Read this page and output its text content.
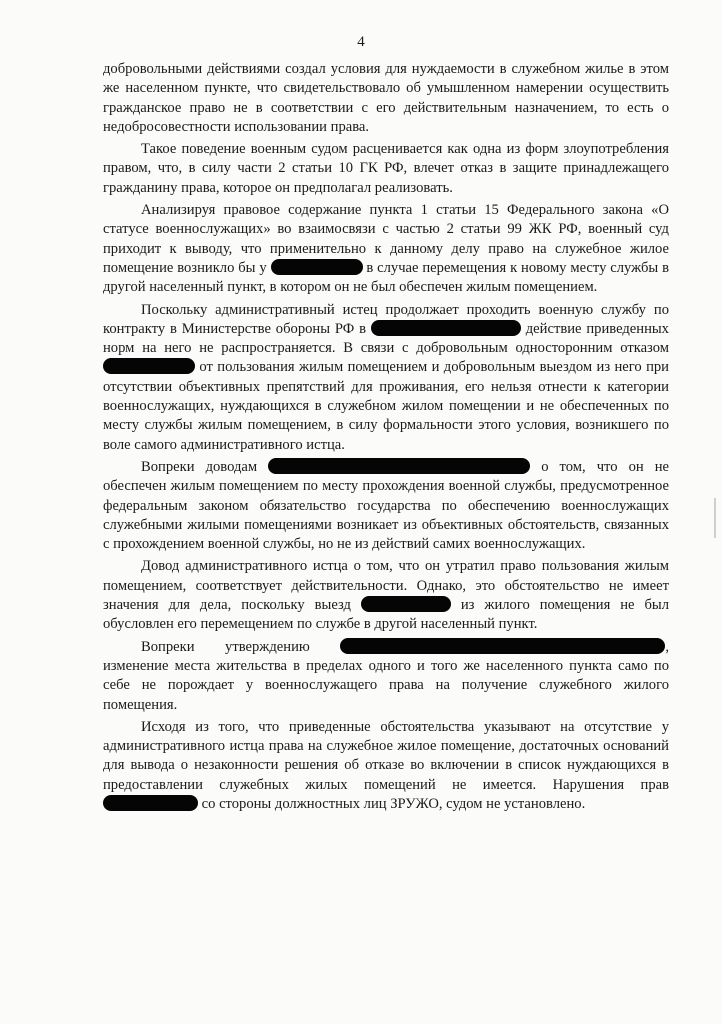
4

добровольными действиями создал условия для нуждаемости в служебном жилье в этом же населенном пункте, что свидетельствовало об умышленном намерении осуществить гражданское право не в соответствии с его действительным назначением, то есть о недобросовестности использовании права.

Такое поведение военным судом расценивается как одна из форм злоупотребления правом, что, в силу части 2 статьи 10 ГК РФ, влечет отказ в защите принадлежащего гражданину права, которое он предполагал реализовать.

Анализируя правовое содержание пункта 1 статьи 15 Федерального закона «О статусе военнослужащих» во взаимосвязи с частью 2 статьи 99 ЖК РФ, военный суд приходит к выводу, что применительно к данному делу право на служебное жилое помещение возникло бы у	в случае перемещения к новому месту службы в другой населенный пункт, в котором он не был обеспечен жилым помещением.

Поскольку административный истец продолжает проходить военную службу по контракту в Министерстве обороны РФ в	действие приведенных норм на него не распространяется. В связи с добровольным односторонним отказом  от пользования жилым помещением и добровольным выездом из него при отсутствии объективных препятствий для проживания, его нельзя отнести к категории военнослужащих, нуждающихся в служебном жилом помещении и не обеспеченных по месту службы жилым помещением, в силу формальности этого условия, возникшего по воле самого административного истца.

Вопреки доводам	о том, что он не обеспечен жилым помещением по месту прохождения военной службы, предусмотренное федеральным законом обязательство государства по обеспечению военнослужащих служебными жилыми помещениями возникает из объективных обстоятельств, связанных с прохождением военной службы, но не из действий самих военнослужащих.

Довод административного истца о том, что он утратил право пользования жилым помещением, соответствует действительности. Однако, это обстоятельство не имеет значения для дела, поскольку выезд	из жилого помещения не был обусловлен его перемещением по службе в другой населенный пункт.

Вопреки утверждению	, изменение места жительства в пределах одного и того же населенного пункта само по себе не порождает у военнослужащего права на получение служебного жилого помещения.

Исходя из того, что приведенные обстоятельства указывают на отсутствие у административного истца права на служебное жилое помещение, достаточных оснований для вывода о незаконности решения об отказе во включении в список нуждающихся в предоставлении служебных жилых помещений не имеется. Нарушения прав  со стороны должностных лиц ЗРУЖО, судом не установлено.
